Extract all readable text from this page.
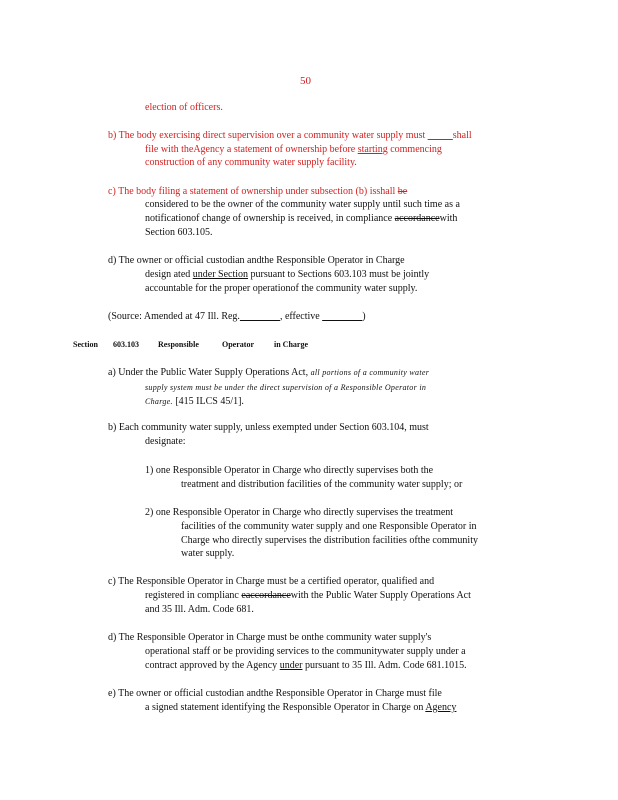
50
election of officers.
b) The body exercising direct supervision over a community water supply must _____shall
file with theAgency a statement of ownership before starting commencing
construction of any community water supply facility.
c) The body filing a statement of ownership under subsection (b) isshall be
considered to be the owner of the community water supply until such time as a
notificationof change of ownership is received, in compliance accordancewith
Section 603.105.
d) The owner or official custodian andthe Responsible Operator in Charge
design ated under Section pursuant to Sections 603.103 must be jointly
accountable for the proper operationof the community water supply.
(Source: Amended at 47 Ill. Reg.________, effective ________)
Section 603.103 Responsible	Operator	in Charge
a) Under the Public Water Supply Operations Act, all portions of a community water
supply system must be under the direct supervision of a Responsible Operator in
Charge. [415 ILCS 45/1].
b) Each community water supply, unless exempted under Section 603.104, must
designate:
1) one Responsible Operator in Charge who directly supervises both the
treatment and distribution facilities of the community water supply; or
2) one Responsible Operator in Charge who directly supervises the treatment
facilities of the community water supply and one Responsible Operator in
Charge who directly supervises the distribution facilities ofthe community
water supply.
c) The Responsible Operator in Charge must be a certified operator, qualified and
registered in complianc eaccordancewith the Public Water Supply Operations Act
and 35 Ill. Adm. Code 681.
d) The Responsible Operator in Charge must be onthe community water supply's
operational staff or be providing services to the communitywater supply under a
contract approved by the Agency under pursuant to 35 Ill. Adm. Code 681.1015.
e) The owner or official custodian andthe Responsible Operator in Charge must file
a signed statement identifying the Responsible Operator in Charge on Agency
